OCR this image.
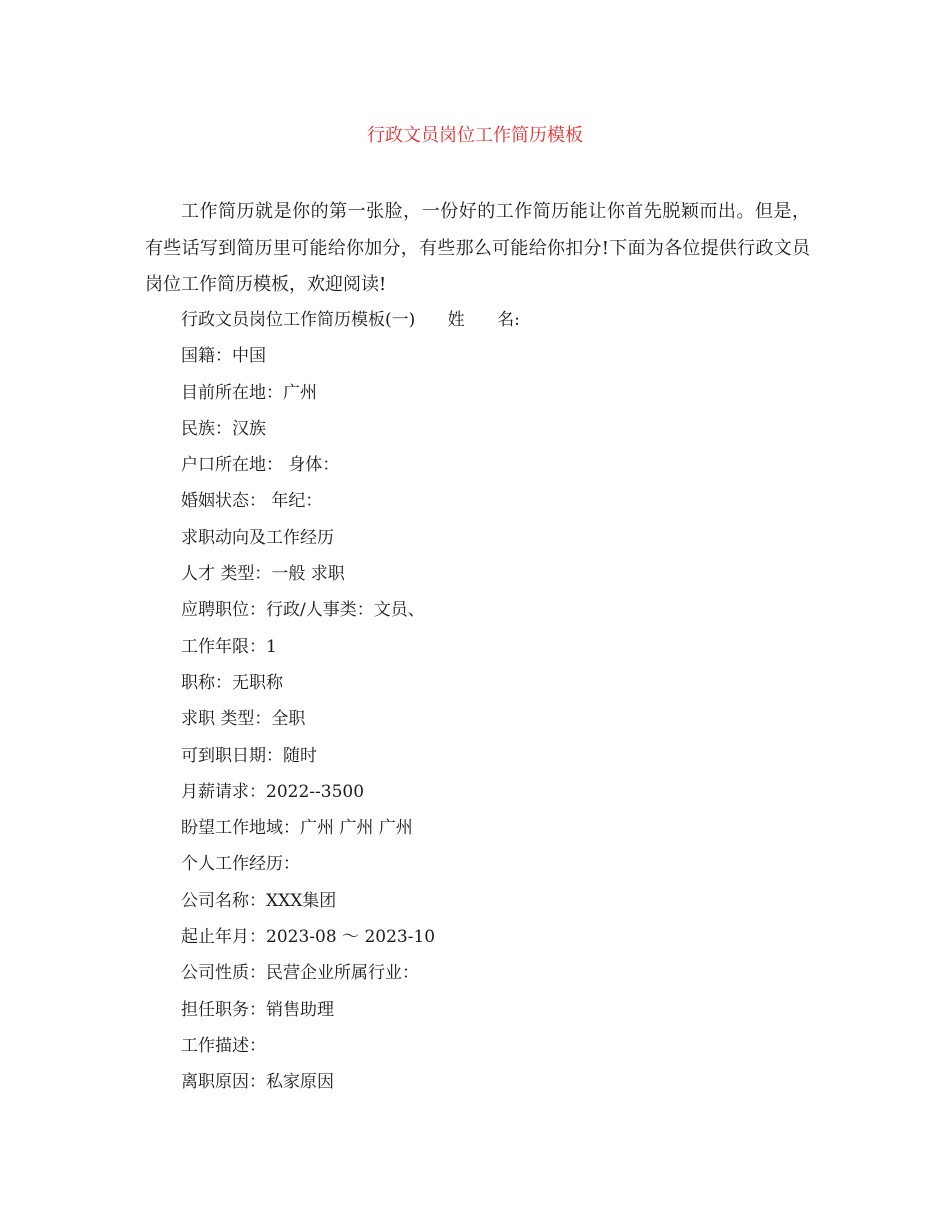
行政文员岗位工作简历模板

工作简历就是你的第一张脸，一份好的工作简历能让你首先脱颖而出。但是，有些话写到简历里可能给你加分，有些那么可能给你扣分!下面为各位提供行政文员岗位工作简历模板，欢迎阅读!

行政文员岗位工作简历模板(一)      姓      名:
国籍：中国
目前所在地：广州
民族：汉族
户口所在地： 身体：
婚姻状态： 年纪：
求职动向及工作经历
人才 类型：一般 求职
应聘职位：行政/人事类：文员、
工作年限：1
职称：无职称
求职 类型：全职
可到职日期：随时
月薪请求：2022--3500
盼望工作地域：广州 广州 广州
个人工作经历：
公司名称：XXX集团
起止年月：2023-08 ～ 2023-10
公司性质：民营企业所属行业：
担任职务：销售助理
工作描述：
离职原因：私家原因
